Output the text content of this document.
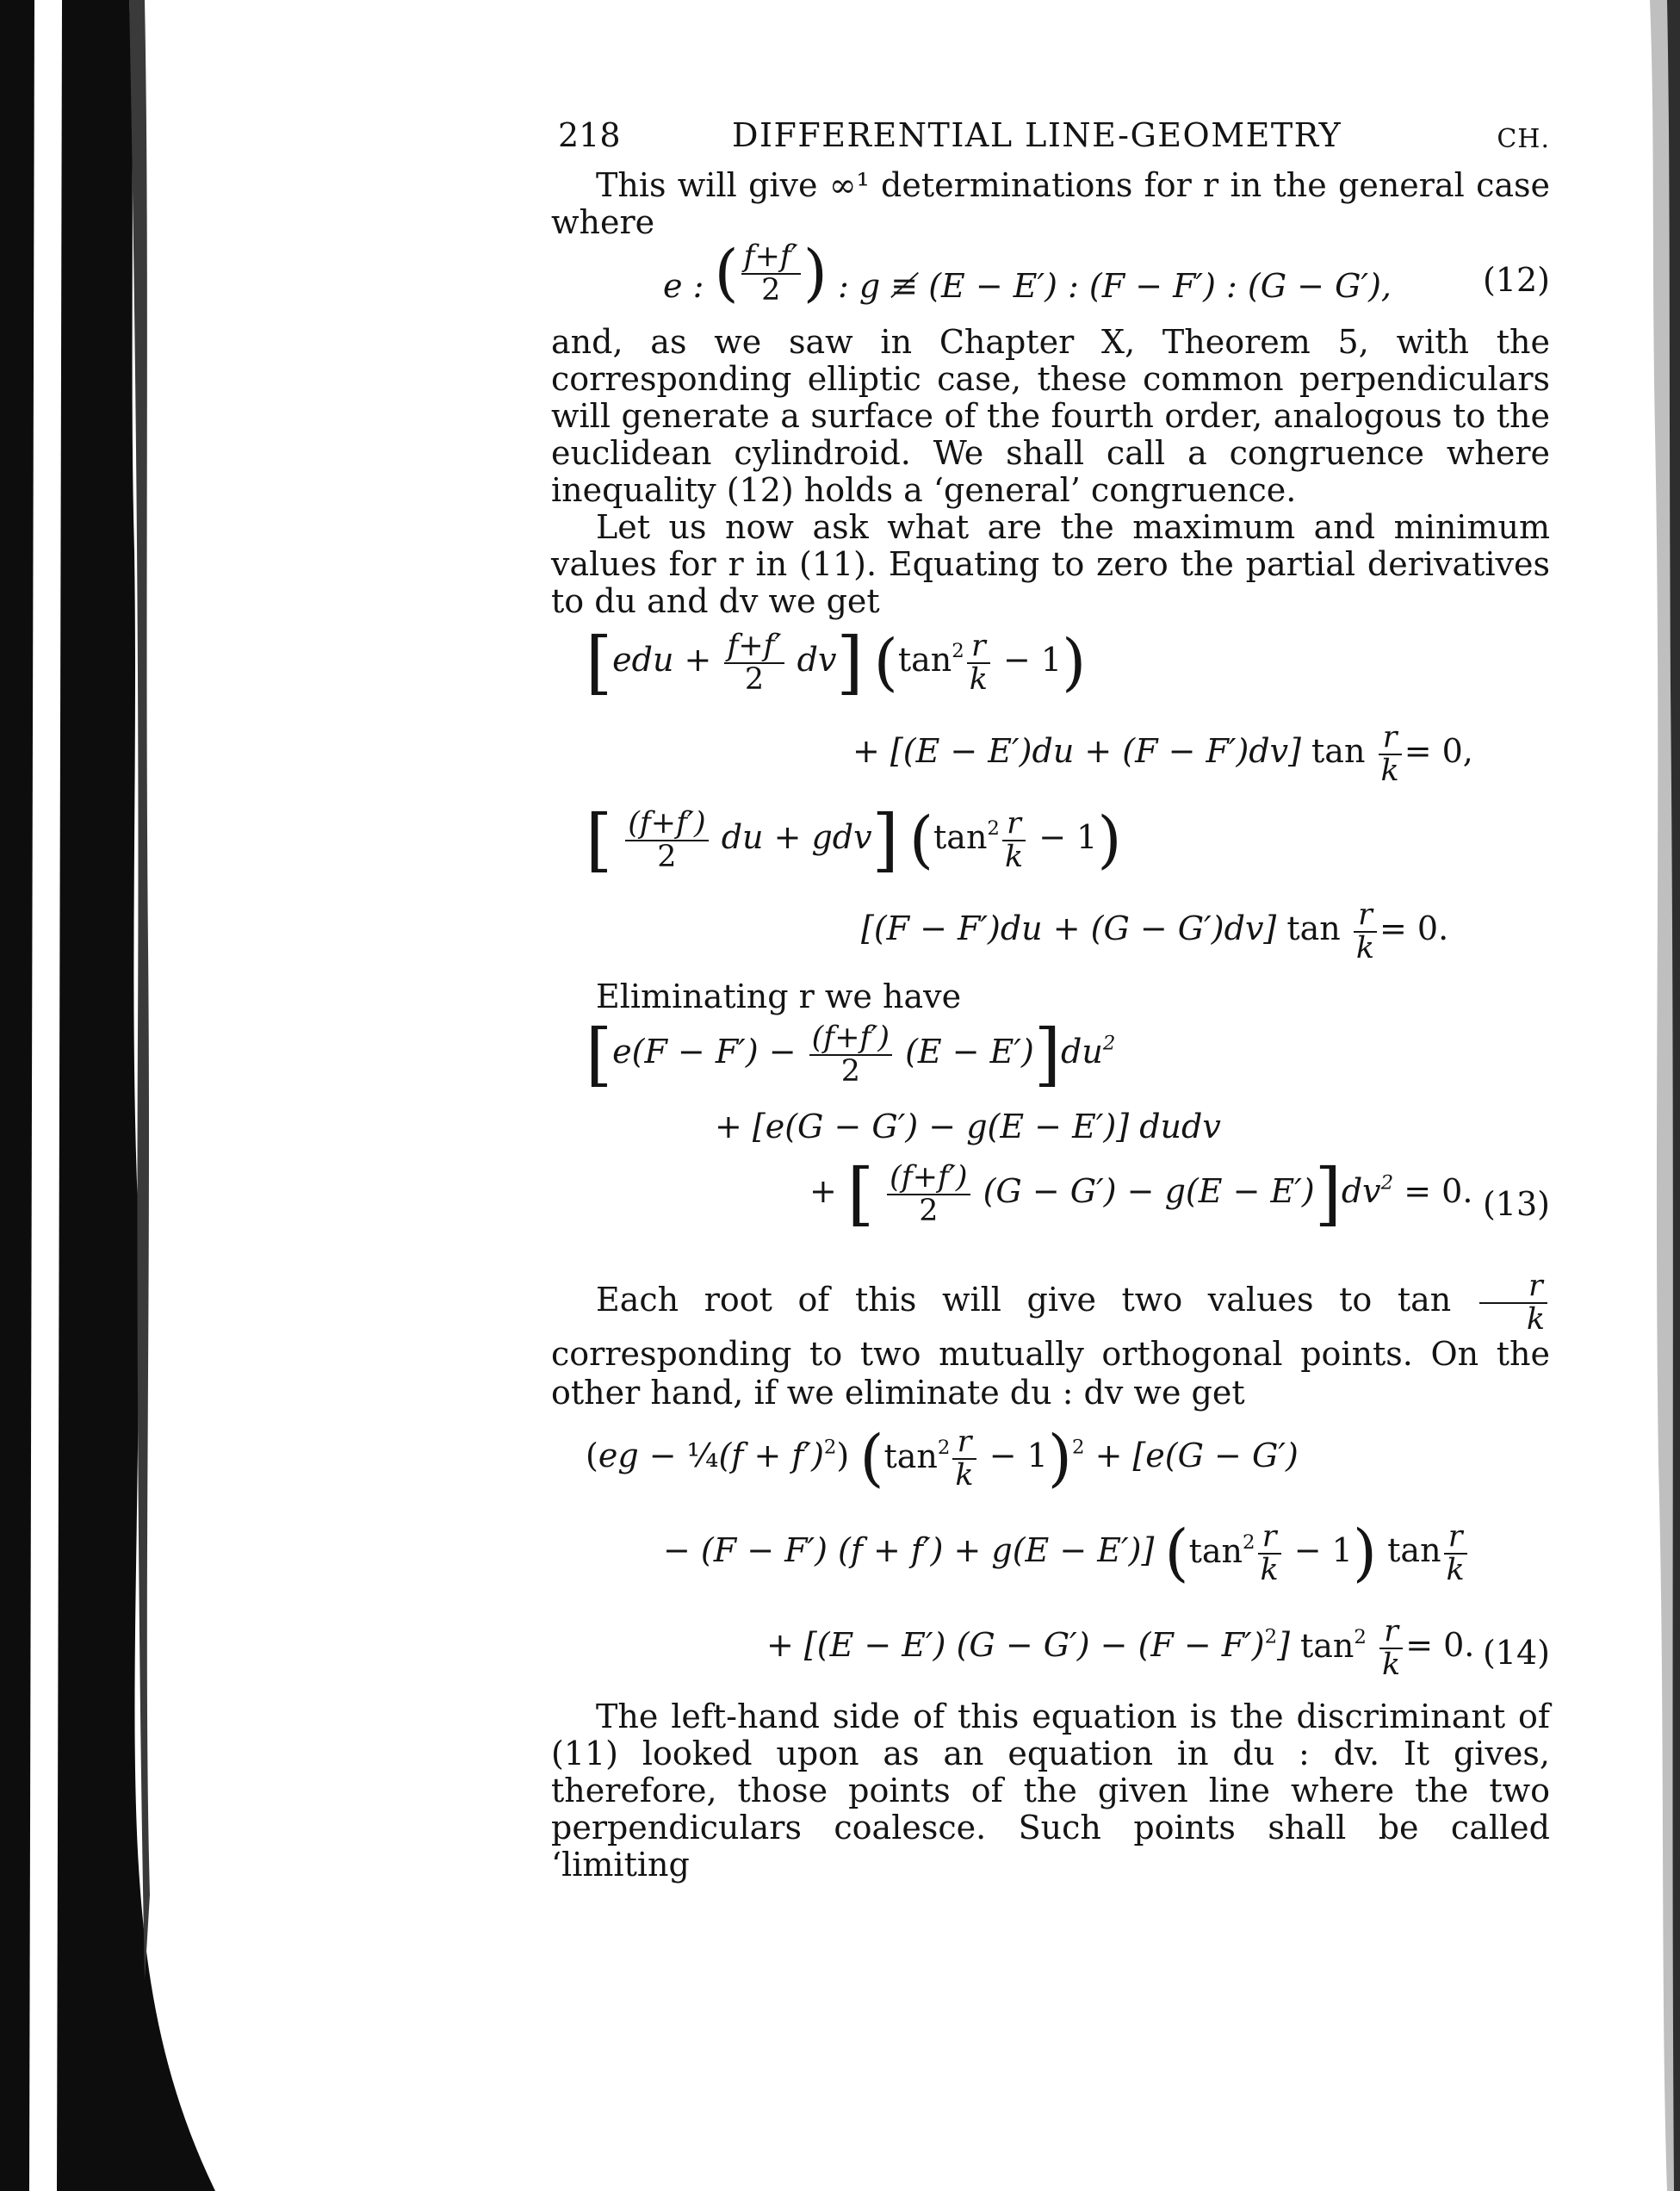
218	DIFFERENTIAL LINE-GEOMETRY	CH.

This will give ∞¹ determinations for r in the general case where

e : ( $\frac{f+f'}{2}$ ) : g ≢ (E − E′) : (F − F′) : (G − G′),	(12)

and, as we saw in Chapter X, Theorem 5, with the corresponding elliptic case, these common perpendiculars will generate a surface of the fourth order, analogous to the euclidean cylindroid. We shall call a congruence where inequality (12) holds a ‘general’ congruence.

Let us now ask what are the maximum and minimum values for r in (11). Equating to zero the partial derivatives to du and dv we get

$[edu + \frac{f+f'}{2} dv]$ $(\tan^2 \frac{r}{k} - 1)$
+ [(E − E′)du + (F − F′)dv] $\tan \frac{r}{k} = 0$,
[ $\frac{(f+f')}{2}$ du + gdv] $(\tan^2 \frac{r}{k} - 1)$
[(F − F′)du + (G − G′)dv] $\tan \frac{r}{k} = 0$.

Eliminating r we have

$[e(F - F') - \frac{(f+f')}{2} (E - E')]du^2$
+ [e(G − G′) − g(E − E′)] dudv
+ [ $\frac{(f+f')}{2} (G - G') - g(E - E')]dv^2 = 0$. (13)

Each root of this will give two values to $\tan \frac{r}{k}$
corresponding to two mutually orthogonal points. On the other hand, if we eliminate du : dv we get

(eg − ¼(f + f′)$^2$) $(\tan^2 \frac{r}{k} - 1)^2 + [e(G - G')$
− (F − F′) (f + f′) + g(E − E′)] $(\tan^2 \frac{r}{k} - 1)$ $\tan \frac{r}{k}$
+ [(E − E′) $(G - G') - (F - F')^2$] $\tan^2 \frac{r}{k} = 0$. (14)

The left-hand side of this equation is the discriminant of (11) looked upon as an equation in du : dv. It gives, therefore, those points of the given line where the two perpendiculars coalesce. Such points shall be called ‘limiting
